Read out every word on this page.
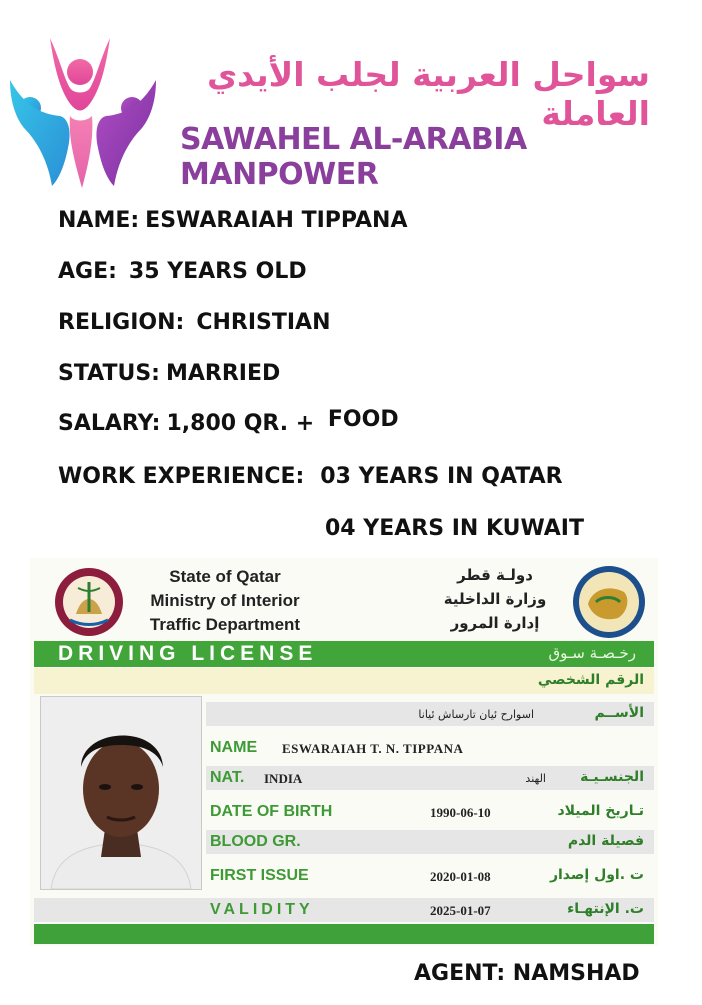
سواحل العربية لجلب الأيدي العاملة
SAWAHEL AL-ARABIA MANPOWER
NAME: ESWARAIAH TIPPANA
AGE: 35 YEARS OLD
RELIGION: CHRISTIAN
STATUS: MARRIED
SALARY: 1,800 QR. + FOOD
WORK EXPERIENCE: 03 YEARS IN QATAR
04 YEARS IN KUWAIT
State of Qatar
Ministry of Interior
Traffic Department
دولـة قطر
وزارة الداخلية
إدارة المرور
DRIVING LICENSE	رخـصـة سـوق
الرقم الشخصي
اسوارح ئيان تارساش ئيانا	الأســم
NAME ESWARAIAH T. N. TIPPANA
NAT. INDIA	الهند الجنسـيـة
DATE OF BIRTH	1990-06-10	تـاريخ الميلاد
BLOOD GR.	فصيلة الدم
FIRST ISSUE	2020-01-08	ت .اول إصدار
VALIDITY	2025-01-07	ت. الإنتهـاء
AGENT: NAMSHAD
